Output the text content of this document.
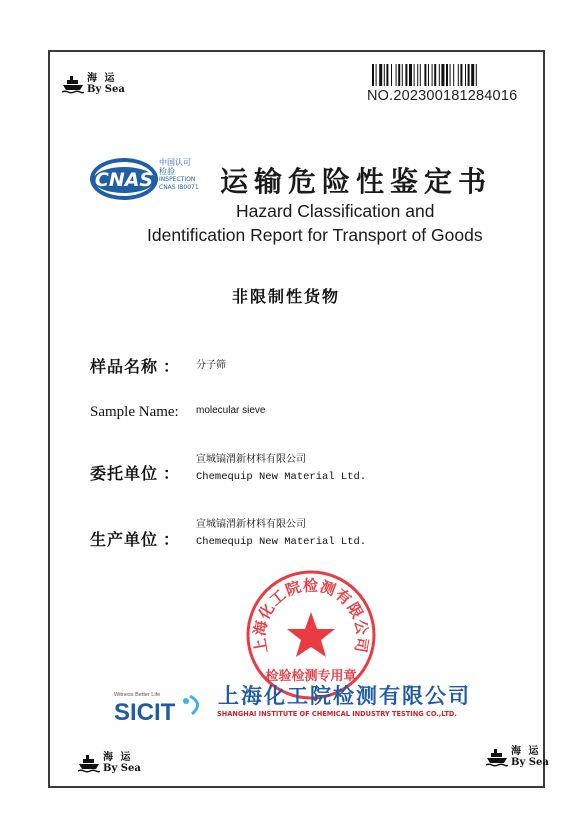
海 运
By Sea	NO.202300181284016
CNAS
中国认可
检验
INSPECTION
CNAS IB0071 运输危险性鉴定书
Hazard Classification and
Identification Report for Transport of Goods
非限制性货物
样品名称 ： 分子筛
Sample Name: molecular sieve
委托单位 ：
宣城镐渭新材料有限公司
Chemequip New Material Ltd.
生产单位 ：
宣城镐渭新材料有限公司
Chemequip New Material Ltd.
上海化工院检测有限公司
检验检测专用章
Witness Better Life
SICIT
上海化工院检测有限公司
SHANGHAI INSTITUTE OF CHEMICAL INDUSTRY TESTING CO.,LTD.
海 运
By Sea
海 运
By Sea
